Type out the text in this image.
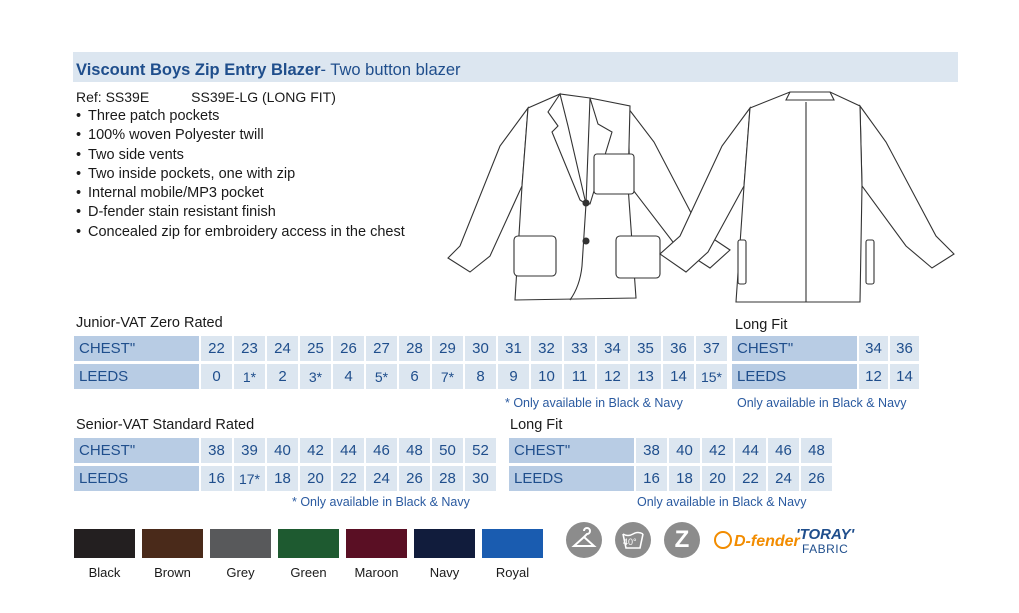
Viscount Boys Zip Entry Blazer- Two button blazer
Ref: SS39E	SS39E-LG (LONG FIT)
• Three patch pockets
• 100% woven Polyester twill
• Two side vents
• Two inside pockets, one with zip
• Internal mobile/MP3 pocket
• D-fender stain resistant finish
• Concealed zip for embroidery access in the chest
Junior-VAT Zero Rated
CHEST"	22	23	24	25	26	27	28	29	30	31	32	33	34	35	36	37
LEEDS	0	1*	2	3*	4	5*	6	7*	8	9	10	11	12	13	14	15*
* Only available in Black & Navy
Long Fit
CHEST"	34	36
LEEDS	12	14
Only available in Black & Navy
Senior-VAT Standard Rated
CHEST"	38	39	40	42	44	46	48	50	52
LEEDS	16	17*	18	20	22	24	26	28	30
* Only available in Black & Navy
Long Fit
CHEST"	38	40	42	44	46	48
LEEDS	16	18	20	22	24	26
Only available in Black & Navy
Black	Brown	Grey	Green	Maroon	Navy	Royal
40°	Z	D-fender
'TORAY'
FABRIC
